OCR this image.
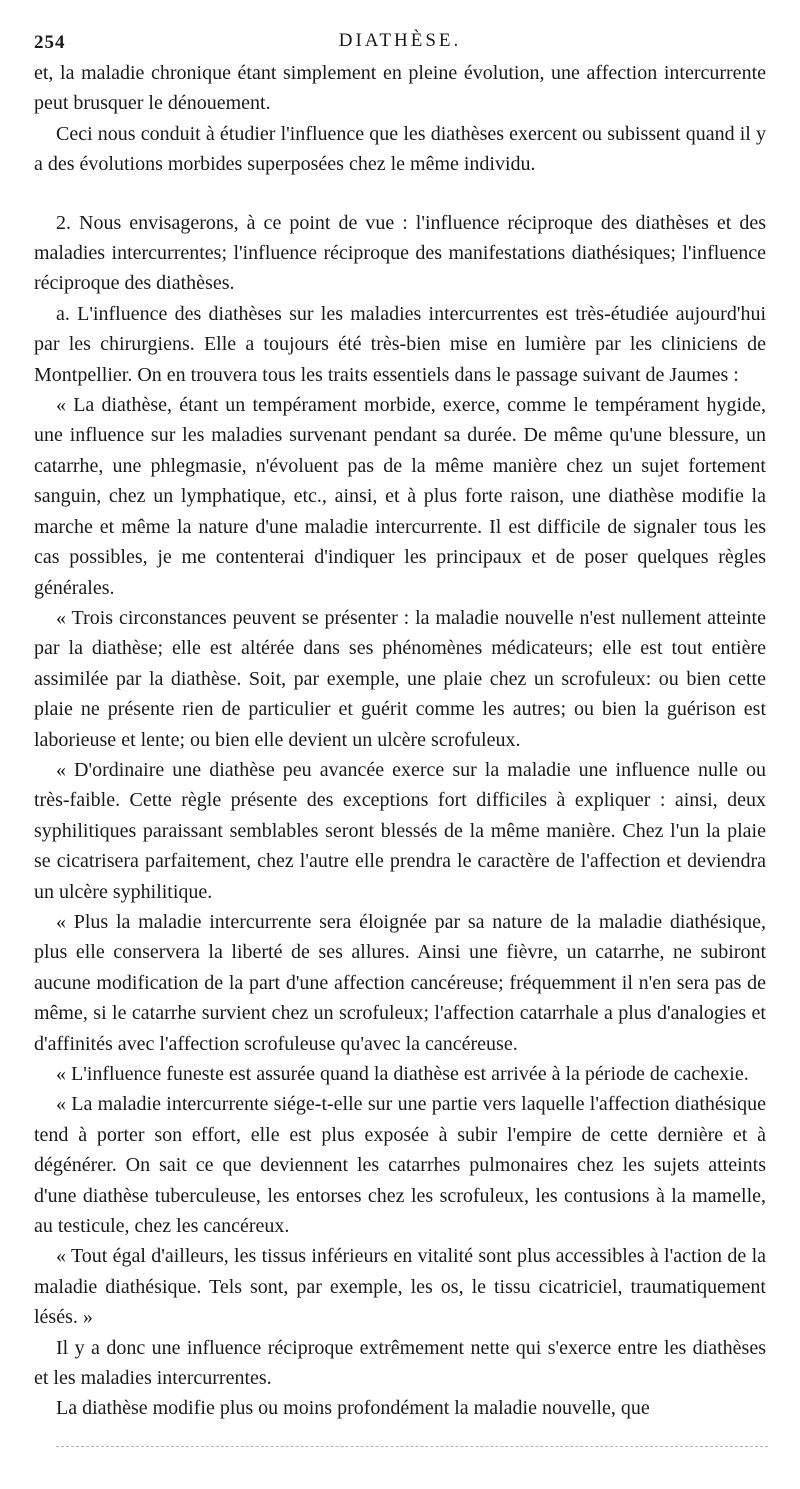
254	DIATHÈSE.

et, la maladie chronique étant simplement en pleine évolution, une affection intercurrente peut brusquer le dénouement.

Ceci nous conduit à étudier l'influence que les diathèses exercent ou subissent quand il y a des évolutions morbides superposées chez le même individu.

2. Nous envisagerons, à ce point de vue : l'influence réciproque des diathèses et des maladies intercurrentes; l'influence réciproque des manifestations diathésiques; l'influence réciproque des diathèses.

a. L'influence des diathèses sur les maladies intercurrentes est très-étudiée aujourd'hui par les chirurgiens. Elle a toujours été très-bien mise en lumière par les cliniciens de Montpellier. On en trouvera tous les traits essentiels dans le passage suivant de Jaumes :

« La diathèse, étant un tempérament morbide, exerce, comme le tempérament hygide, une influence sur les maladies survenant pendant sa durée. De même qu'une blessure, un catarrhe, une phlegmasie, n'évoluent pas de la même manière chez un sujet fortement sanguin, chez un lymphatique, etc., ainsi, et à plus forte raison, une diathèse modifie la marche et même la nature d'une maladie intercurrente. Il est difficile de signaler tous les cas possibles, je me contenterai d'indiquer les principaux et de poser quelques règles générales.

« Trois circonstances peuvent se présenter : la maladie nouvelle n'est nullement atteinte par la diathèse; elle est altérée dans ses phénomènes médicateurs; elle est tout entière assimilée par la diathèse. Soit, par exemple, une plaie chez un scrofuleux: ou bien cette plaie ne présente rien de particulier et guérit comme les autres; ou bien la guérison est laborieuse et lente; ou bien elle devient un ulcère scrofuleux.

« D'ordinaire une diathèse peu avancée exerce sur la maladie une influence nulle ou très-faible. Cette règle présente des exceptions fort difficiles à expliquer : ainsi, deux syphilitiques paraissant semblables seront blessés de la même manière. Chez l'un la plaie se cicatrisera parfaitement, chez l'autre elle prendra le caractère de l'affection et deviendra un ulcère syphilitique.

« Plus la maladie intercurrente sera éloignée par sa nature de la maladie diathésique, plus elle conservera la liberté de ses allures. Ainsi une fièvre, un catarrhe, ne subiront aucune modification de la part d'une affection cancéreuse; fréquemment il n'en sera pas de même, si le catarrhe survient chez un scrofuleux; l'affection catarrhale a plus d'analogies et d'affinités avec l'affection scrofuleuse qu'avec la cancéreuse.

« L'influence funeste est assurée quand la diathèse est arrivée à la période de cachexie.

« La maladie intercurrente siége-t-elle sur une partie vers laquelle l'affection diathésique tend à porter son effort, elle est plus exposée à subir l'empire de cette dernière et à dégénérer. On sait ce que deviennent les catarrhes pulmonaires chez les sujets atteints d'une diathèse tuberculeuse, les entorses chez les scrofuleux, les contusions à la mamelle, au testicule, chez les cancéreux.

« Tout égal d'ailleurs, les tissus inférieurs en vitalité sont plus accessibles à l'action de la maladie diathésique. Tels sont, par exemple, les os, le tissu cicatriciel, traumatiquement lésés. »

Il y a donc une influence réciproque extrêmement nette qui s'exerce entre les diathèses et les maladies intercurrentes.

La diathèse modifie plus ou moins profondément la maladie nouvelle, que
